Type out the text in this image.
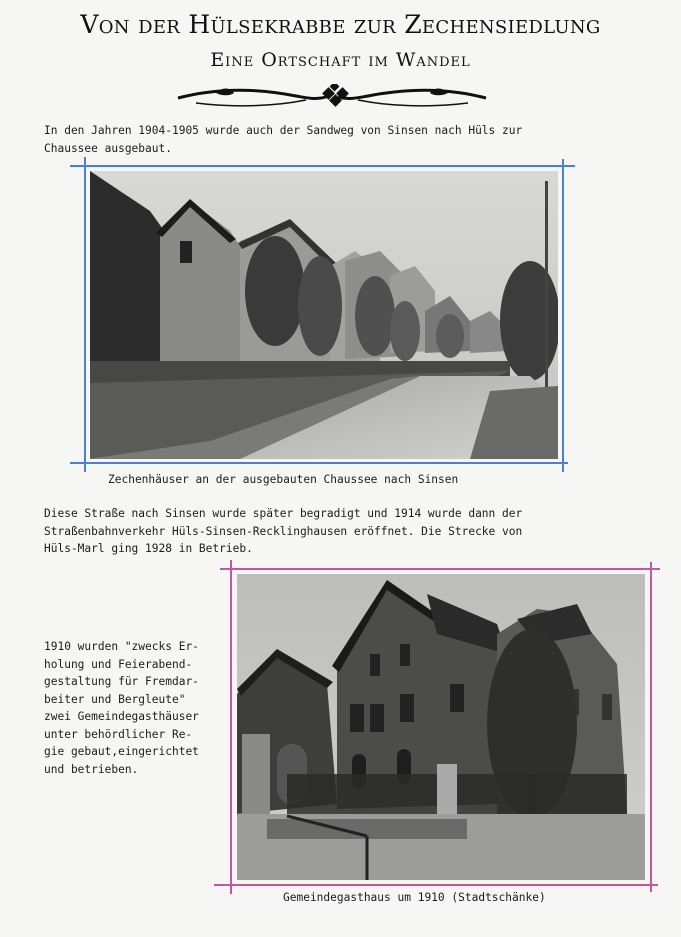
Von der Hülsekrabbe zur Zechensiedlung
Eine Ortschaft im Wandel

In den Jahren 1904-1905 wurde auch der Sandweg von Sinsen nach Hüls zur
Chaussee ausgebaut.

Zechenhäuser an der ausgebauten Chaussee nach Sinsen

Diese Straße nach Sinsen wurde später begradigt und 1914 wurde dann der
Straßenbahnverkehr Hüls-Sinsen-Recklinghausen eröffnet. Die Strecke von
Hüls-Marl ging 1928 in Betrieb.

1910 wurden "zwecks Er-
holung und Feierabend-
gestaltung für Fremdar-
beiter und Bergleute"
zwei Gemeindegasthäuser
unter behördlicher Re-
gie gebaut,eingerichtet
und betrieben.

Gemeindegasthaus um 1910 (Stadtschänke)
